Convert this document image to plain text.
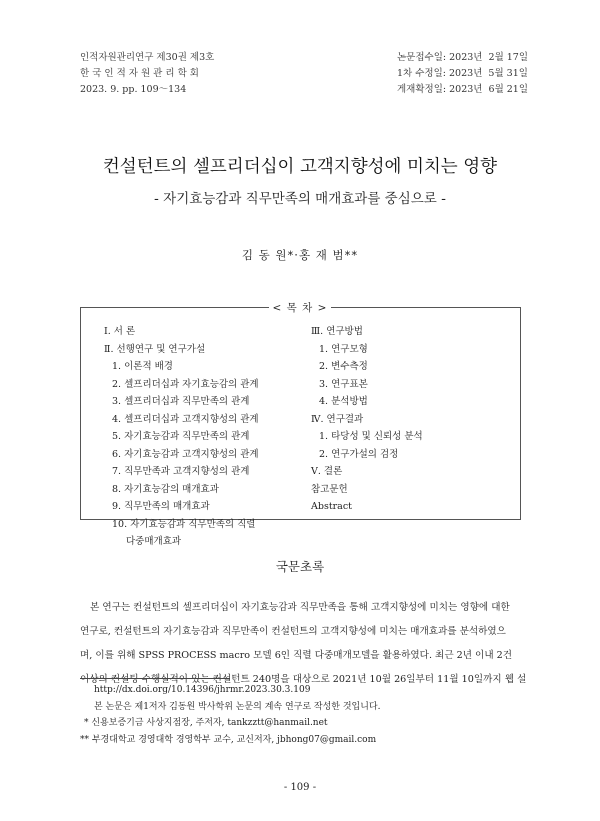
인적자원관리연구 제30권 제3호
한 국 인 적 자 원 관 리 학 회
2023. 9. pp. 109～134
논문접수일: 2023년  2월 17일
1차 수정일: 2023년  5월 31일
게재확정일: 2023년  6월 21일
컨설턴트의 셀프리더십이 고객지향성에 미치는 영향
- 자기효능감과 직무만족의 매개효과를 중심으로 -
김 동 원*·홍 재 범**
< 목 차 >
Ⅰ. 서 론
Ⅱ. 선행연구 및 연구가설
1. 이론적 배경
2. 셀프리더십과 자기효능감의 관계
3. 셀프리더십과 직무만족의 관계
4. 셀프리더십과 고객지향성의 관계
5. 자기효능감과 직무만족의 관계
6. 자기효능감과 고객지향성의 관계
7. 직무만족과 고객지향성의 관계
8. 자기효능감의 매개효과
9. 직무만족의 매개효과
10. 자기효능감과 직무만족의 직렬
다중매개효과
Ⅲ. 연구방법
1. 연구모형
2. 변수측정
3. 연구표본
4. 분석방법
Ⅳ. 연구결과
1. 타당성 및 신뢰성 분석
2. 연구가설의 검정
Ⅴ. 결론
참고문헌
Abstract
국문초록
본 연구는 컨설턴트의 셀프리더십이 자기효능감과 직무만족을 통해 고객지향성에 미치는 영향에 대한
연구로, 컨설턴트의 자기효능감과 직무만족이 컨설턴트의 고객지향성에 미치는 매개효과를 분석하였으
며, 이를 위해 SPSS PROCESS macro 모델 6인 직렬 다중매개모델을 활용하였다. 최근 2년 이내 2건
이상의 컨설팅 수행실적이 있는 컨설턴트 240명을 대상으로 2021년 10월 26일부터 11월 10일까지 웹 설
http://dx.doi.org/10.14396/jhrmr.2023.30.3.109
본 논문은 제1저자 김동원 박사학위 논문의 계속 연구로 작성한 것입니다.
* 신용보증기금 사상지점장, 주저자, tankzztt@hanmail.net
** 부경대학교 경영대학 경영학부 교수, 교신저자, jbhong07@gmail.com
- 109 -
